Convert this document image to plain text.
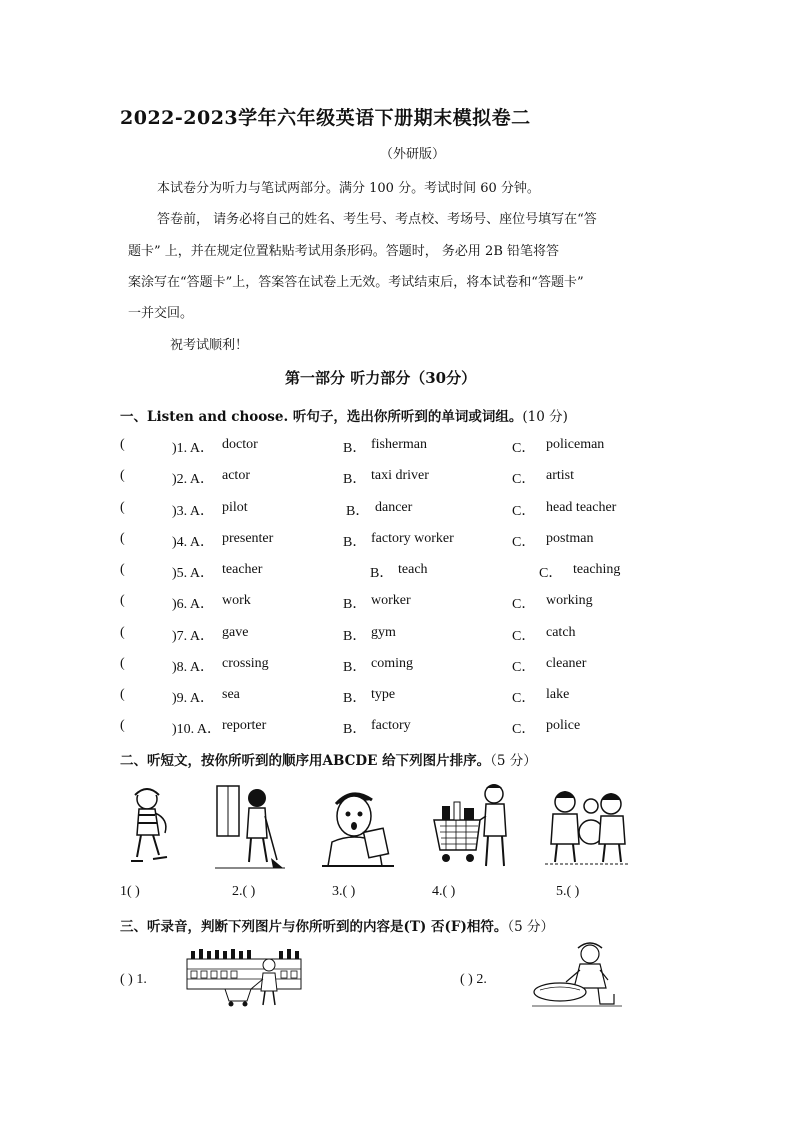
2022-2023学年六年级英语下册期末模拟卷二
（外研版）
本试卷分为听力与笔试两部分。满分 100 分。考试时间 60 分钟。
答卷前， 请务必将自己的姓名、考生号、考点校、考场号、座位号填写在“答
题卡” 上，并在规定位置粘贴考试用条形码。答题时， 务必用 2B 铅笔将答
案涂写在“答题卡”上，答案答在试卷上无效。考试结束后，将本试卷和“答题卡”
一并交回。
祝考试顺利！
第一部分 听力部分（30分）
一、Listen and choose. 听句子，选出你所听到的单词或词组。(10 分)
(	)1. A． doctor	B． fisherman	C． policeman
(	)2. A． actor	B． taxi driver	C． artist
(	)3. A． pilot	B． dancer	C． head teacher
(	)4. A． presenter	B． factory worker	C． postman
(	)5. A． teacher	B． teach	C． teaching
(	)6. A． work	B． worker	C． working
(	)7. A． gave	B． gym	C． catch
(	)8. A． crossing	B． coming	C． cleaner
(	)9. A． sea	B． type	C． lake
(	)10. A． reporter	B． factory	C． police
二、听短文，按你所听到的顺序用ABCDE 给下列图片排序。（5 分）
1( )	2.( )	3.( )	4.( )	5.( )
三、听录音，判断下列图片与你所听到的内容是(T) 否(F)相符。（5 分）
( ) 1.	( ) 2.
